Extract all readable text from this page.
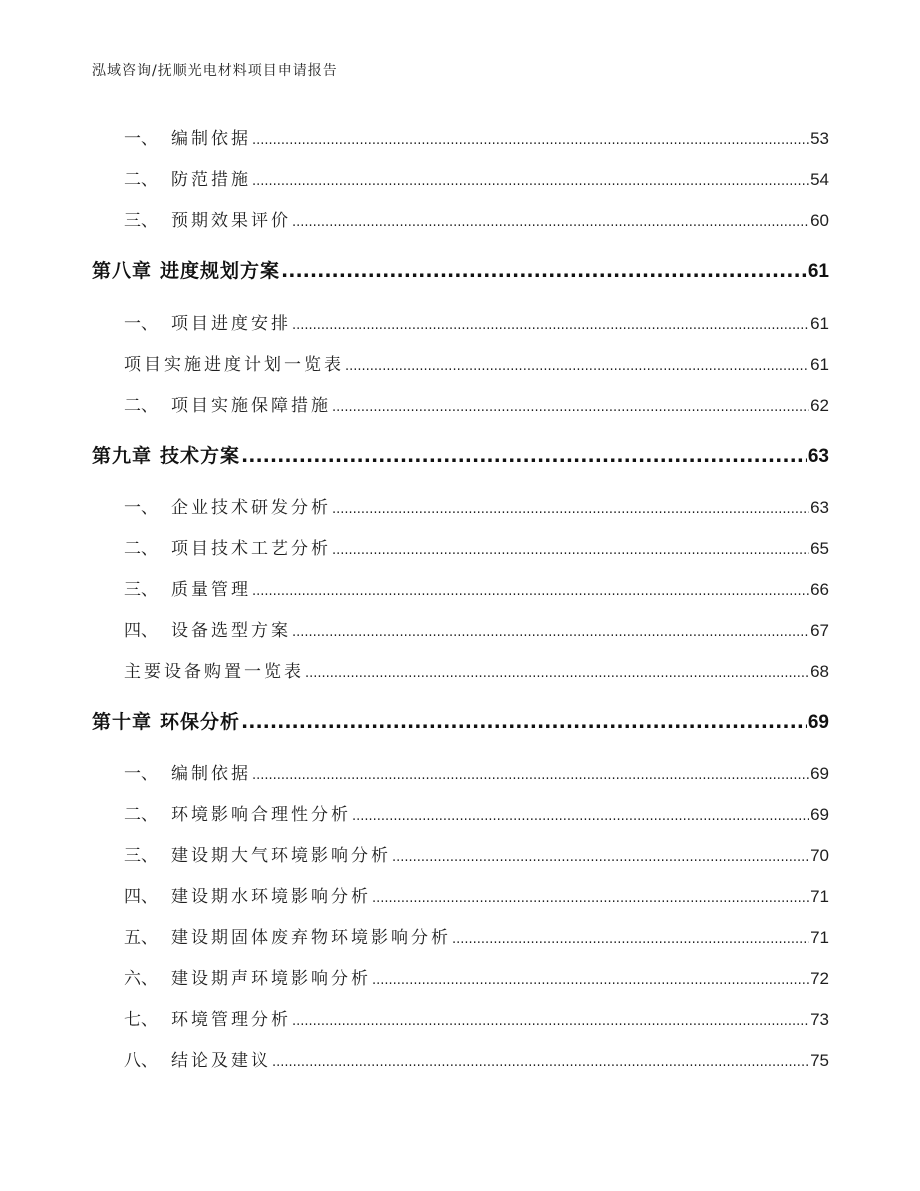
泓域咨询/抚顺光电材料项目申请报告
一、 编制依据 .....	53
二、 防范措施 .....	54
三、 预期效果评价 .....	60
第八章 进度规划方案 .....	61
一、 项目进度安排 .....	61
项目实施进度计划一览表 .....	61
二、 项目实施保障措施 .....	62
第九章 技术方案 .....	63
一、 企业技术研发分析 .....	63
二、 项目技术工艺分析 .....	65
三、 质量管理 .....	66
四、 设备选型方案 .....	67
主要设备购置一览表 .....	68
第十章 环保分析 .....	69
一、 编制依据 .....	69
二、 环境影响合理性分析 .....	69
三、 建设期大气环境影响分析 .....	70
四、 建设期水环境影响分析 .....	71
五、 建设期固体废弃物环境影响分析 .....	71
六、 建设期声环境影响分析 .....	72
七、 环境管理分析 .....	73
八、 结论及建议 .....	75
